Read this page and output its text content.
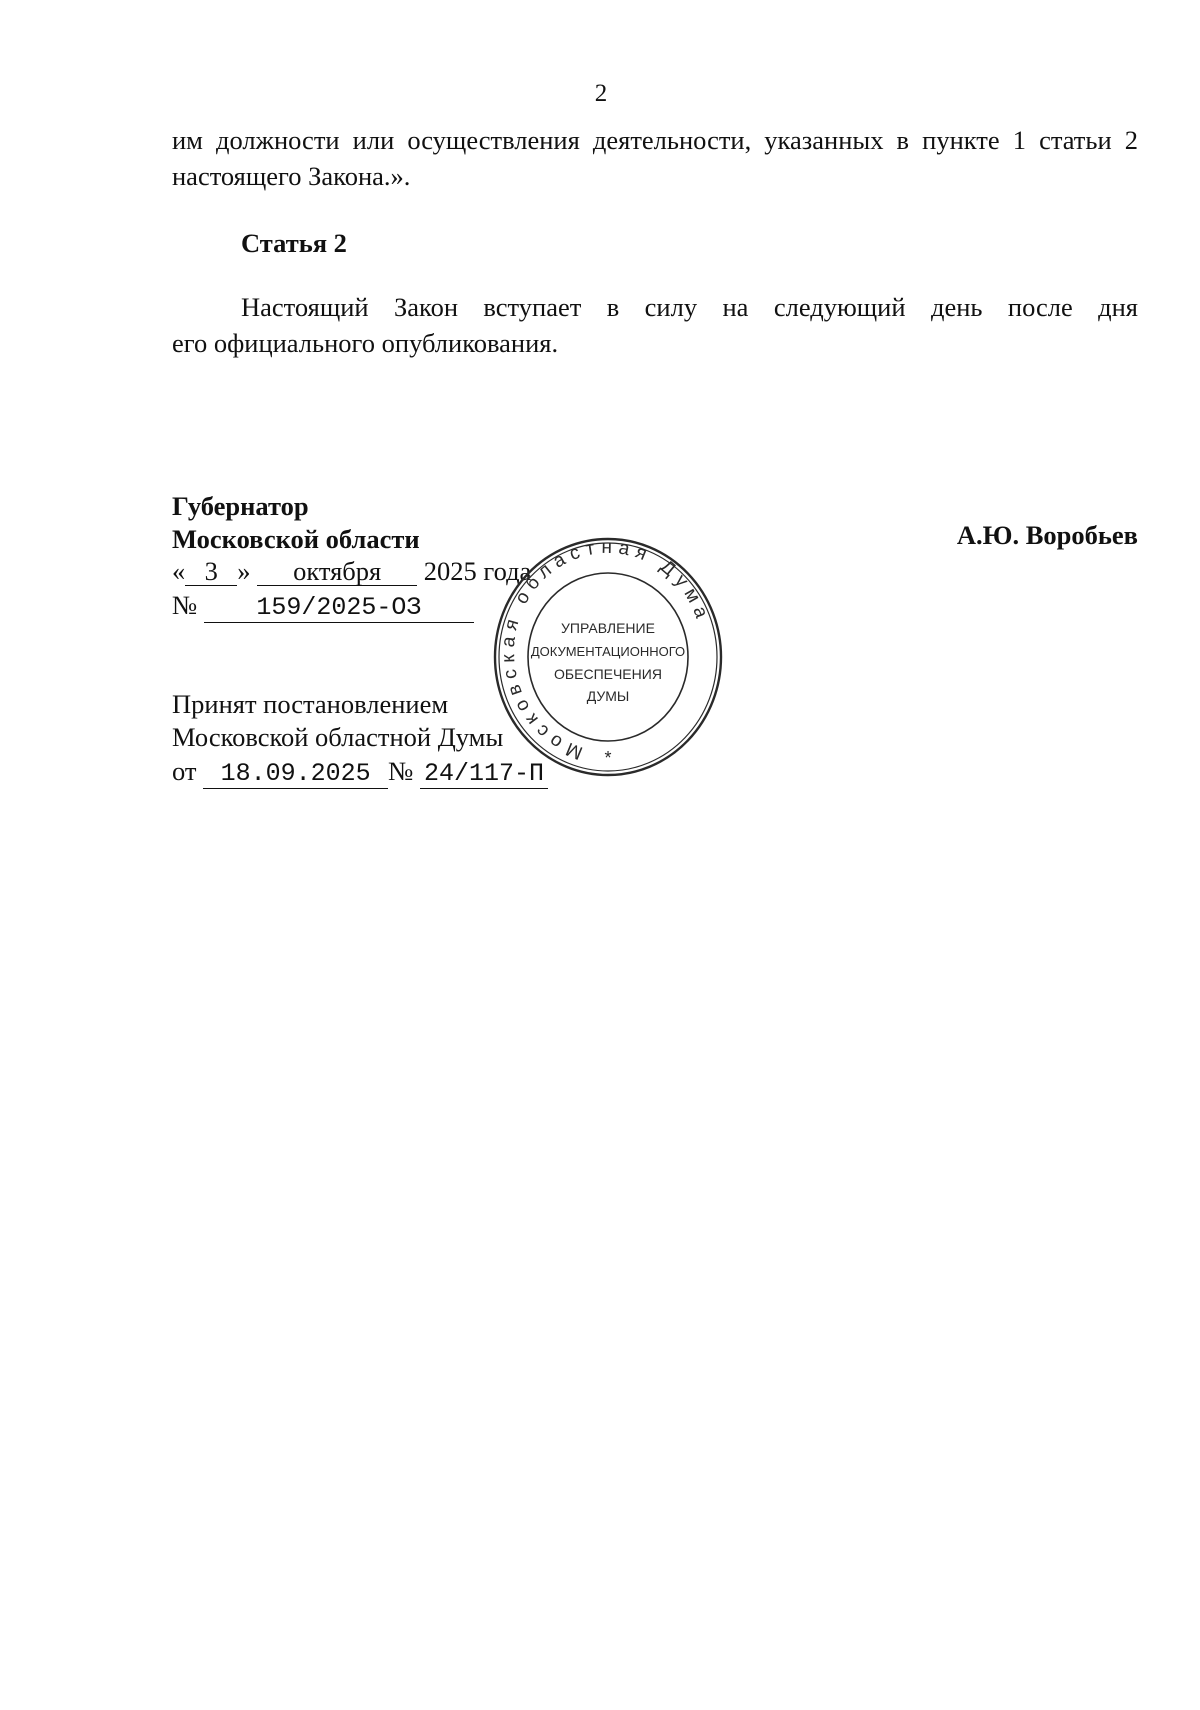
2
им должности или осуществления деятельности, указанных в пункте 1 статьи 2
настоящего Закона.».
Статья 2
Настоящий Закон вступает в силу на следующий день после дня
его официального опубликования.
Губернатор
Московской области	А.Ю. Воробьев
« 3 » октября 2025 года
№ 159/2025-ОЗ
Принят постановлением
Московской областной Думы
от 18.09.2025 № 24/117-П
Московская областная Дума
УПРАВЛЕНИЕ
ДОКУМЕНТАЦИОННОГО
ОБЕСПЕЧЕНИЯ
ДУМЫ
*
